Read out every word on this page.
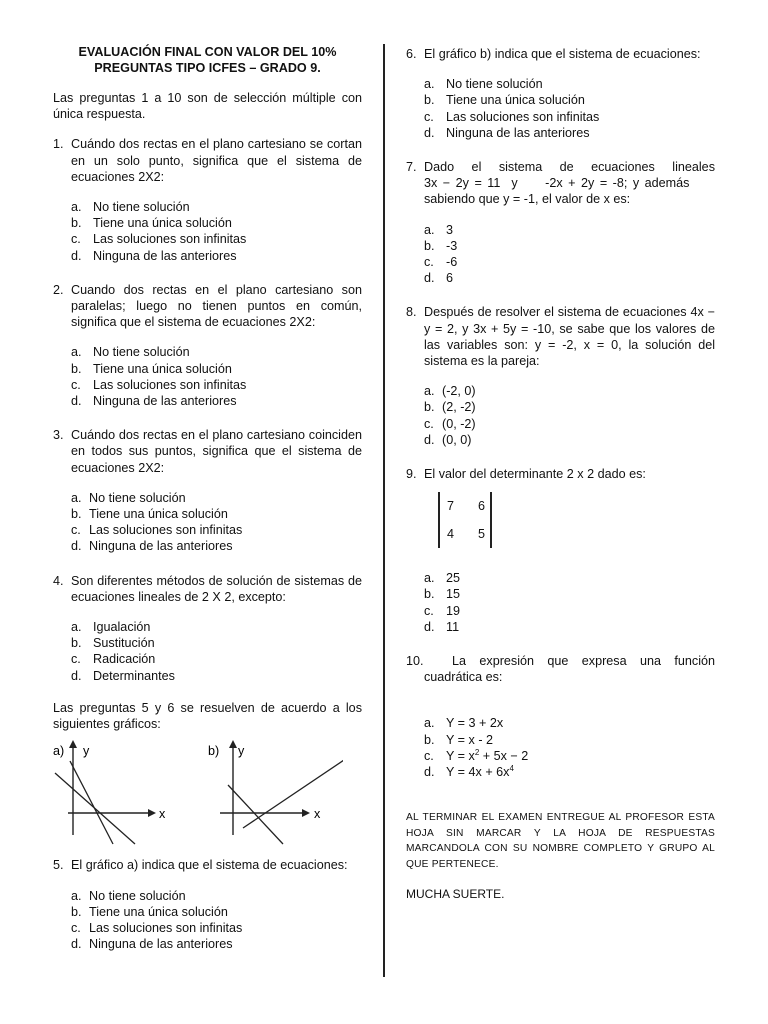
EVALUACIÓN FINAL CON VALOR DEL 10%
PREGUNTAS TIPO ICFES – GRADO 9.

Las preguntas 1 a 10 son de selección múltiple con única respuesta.

1. Cuándo dos rectas en el plano cartesiano se cortan en un solo punto, significa que el sistema de ecuaciones 2X2:
a. No tiene solución
b. Tiene una única solución
c. Las soluciones son infinitas
d. Ninguna de las anteriores
2. Cuando dos rectas en el plano cartesiano son paralelas; luego no tienen puntos en común, significa que el sistema de ecuaciones 2X2:
a. No tiene solución
b. Tiene una única solución
c. Las soluciones son infinitas
d. Ninguna de las anteriores
3. Cuándo dos rectas en el plano cartesiano coinciden en todos sus puntos, significa que el sistema de ecuaciones 2X2:
a. No tiene solución
b. Tiene una única solución
c. Las soluciones son infinitas
d. Ninguna de las anteriores
4. Son diferentes métodos de solución de sistemas de ecuaciones lineales de 2 X 2, excepto:
a. Igualación
b. Sustitución
c. Radicación
d. Determinantes

Las preguntas 5 y 6 se resuelven de acuerdo a los siguientes gráficos:

a) y
x
b) y
x
5. El gráfico a) indica que el sistema de ecuaciones:
a. No tiene solución
b. Tiene una única solución
c. Las soluciones son infinitas
d. Ninguna de las anteriores
6. El gráfico b) indica que el sistema de ecuaciones:
a. No tiene solución
b. Tiene una única solución
c. Las soluciones son infinitas
d. Ninguna de las anteriores
7. Dado el sistema de ecuaciones lineales
3x − 2y = 11  y     -2x + 2y = -8; y además
sabiendo que y = -1, el valor de x es:
a. 3
b. -3
c. -6
d. 6
8. Después de resolver el sistema de ecuaciones 4x − y = 2, y 3x + 5y = -10, se sabe que los valores de las variables son: y = -2, x = 0, la solución del sistema es la pareja:
a. (-2, 0)
b. (2, -2)
c. (0, -2)
d. (0, 0)
9. El valor del determinante 2 x 2 dado es:
7 6
4 5
a. 25
b. 15
c. 19
d. 11
10.	La expresión que expresa una función cuadrática es:
a. Y = 3 + 2x
b. Y = x - 2
c. $Y = x^2 + 5x - 2$
d. $Y = 4x + 6x^4$

AL TERMINAR EL EXAMEN ENTREGUE AL PROFESOR ESTA HOJA SIN MARCAR Y LA HOJA DE RESPUESTAS MARCANDOLA CON SU NOMBRE COMPLETO Y GRUPO AL QUE PERTENECE.

MUCHA SUERTE.
